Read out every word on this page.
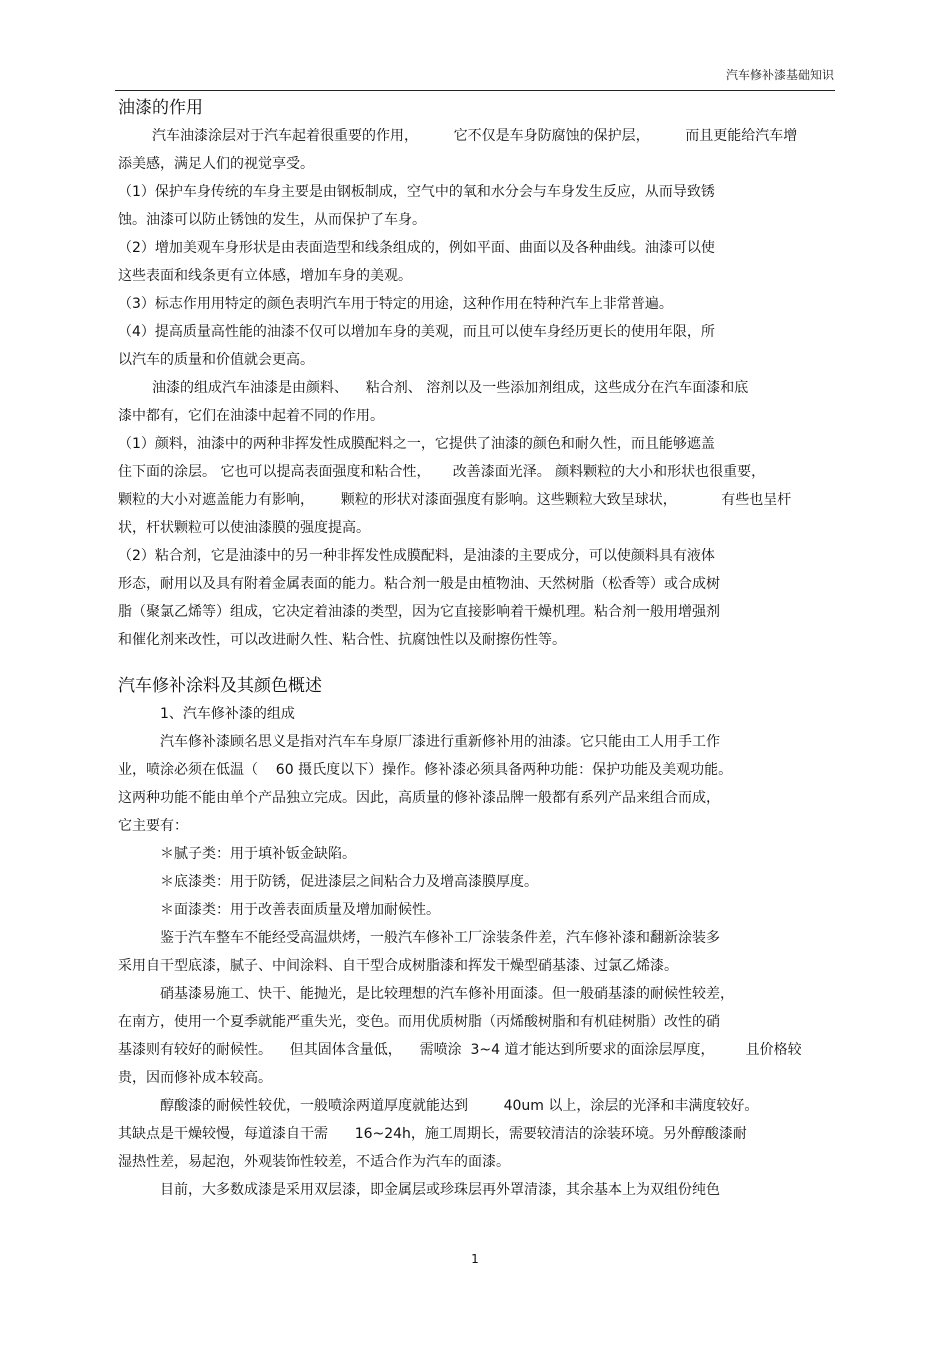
汽车修补漆基础知识
油漆的作用
汽车油漆涂层对于汽车起着很重要的作用，        它不仅是车身防腐蚀的保护层，        而且更能给汽车增
添美感，满足人们的视觉享受。
（1）保护车身传统的车身主要是由钢板制成，空气中的氧和水分会与车身发生反应，从而导致锈
蚀。油漆可以防止锈蚀的发生，从而保护了车身。
（2）增加美观车身形状是由表面造型和线条组成的，例如平面、曲面以及各种曲线。油漆可以使
这些表面和线条更有立体感，增加车身的美观。
（3）标志作用用特定的颜色表明汽车用于特定的用途，这种作用在特种汽车上非常普遍。
（4）提高质量高性能的油漆不仅可以增加车身的美观，而且可以使车身经历更长的使用年限，所
以汽车的质量和价值就会更高。
油漆的组成汽车油漆是由颜料、    粘合剂、 溶剂以及一些添加剂组成，这些成分在汽车面漆和底
漆中都有，它们在油漆中起着不同的作用。
（1）颜料，油漆中的两种非挥发性成膜配料之一，它提供了油漆的颜色和耐久性，而且能够遮盖
住下面的涂层。 它也可以提高表面强度和粘合性，     改善漆面光泽。 颜料颗粒的大小和形状也很重要，
颗粒的大小对遮盖能力有影响，      颗粒的形状对漆面强度有影响。这些颗粒大致呈球状，          有些也呈杆
状，杆状颗粒可以使油漆膜的强度提高。
（2）粘合剂，它是油漆中的另一种非挥发性成膜配料，是油漆的主要成分，可以使颜料具有液体
形态，耐用以及具有附着金属表面的能力。粘合剂一般是由植物油、天然树脂（松香等）或合成树
脂（聚氯乙烯等）组成，它决定着油漆的类型，因为它直接影响着干燥机理。粘合剂一般用增强剂
和催化剂来改性，可以改进耐久性、粘合性、抗腐蚀性以及耐擦伤性等。
汽车修补涂料及其颜色概述
1、汽车修补漆的组成
汽车修补漆顾名思义是指对汽车车身原厂漆进行重新修补用的油漆。它只能由工人用手工作
业，喷涂必须在低温（    60 摄氏度以下）操作。修补漆必须具备两种功能：保护功能及美观功能。
这两种功能不能由单个产品独立完成。因此，高质量的修补漆品牌一般都有系列产品来组合而成，
它主要有：
＊腻子类：用于填补钣金缺陷。
＊底漆类：用于防锈，促进漆层之间粘合力及增高漆膜厚度。
＊面漆类：用于改善表面质量及增加耐候性。
鉴于汽车整车不能经受高温烘烤，一般汽车修补工厂涂装条件差，汽车修补漆和翻新涂装多
采用自干型底漆，腻子、中间涂料、自干型合成树脂漆和挥发干燥型硝基漆、过氯乙烯漆。
硝基漆易施工、快干、能抛光，是比较理想的汽车修补用面漆。但一般硝基漆的耐候性较差，
在南方，使用一个夏季就能严重失光，变色。而用优质树脂（丙烯酸树脂和有机硅树脂）改性的硝
基漆则有较好的耐候性。    但其固体含量低，    需喷涂  3~4 道才能达到所要求的面涂层厚度，       且价格较
贵，因而修补成本较高。
醇酸漆的耐候性较优，一般喷涂两道厚度就能达到        40um 以上，涂层的光泽和丰满度较好。
其缺点是干燥较慢，每道漆自干需      16~24h，施工周期长，需要较清洁的涂装环境。另外醇酸漆耐
湿热性差，易起泡，外观装饰性较差，不适合作为汽车的面漆。
目前，大多数成漆是采用双层漆，即金属层或珍珠层再外罩清漆，其余基本上为双组份纯色
1
